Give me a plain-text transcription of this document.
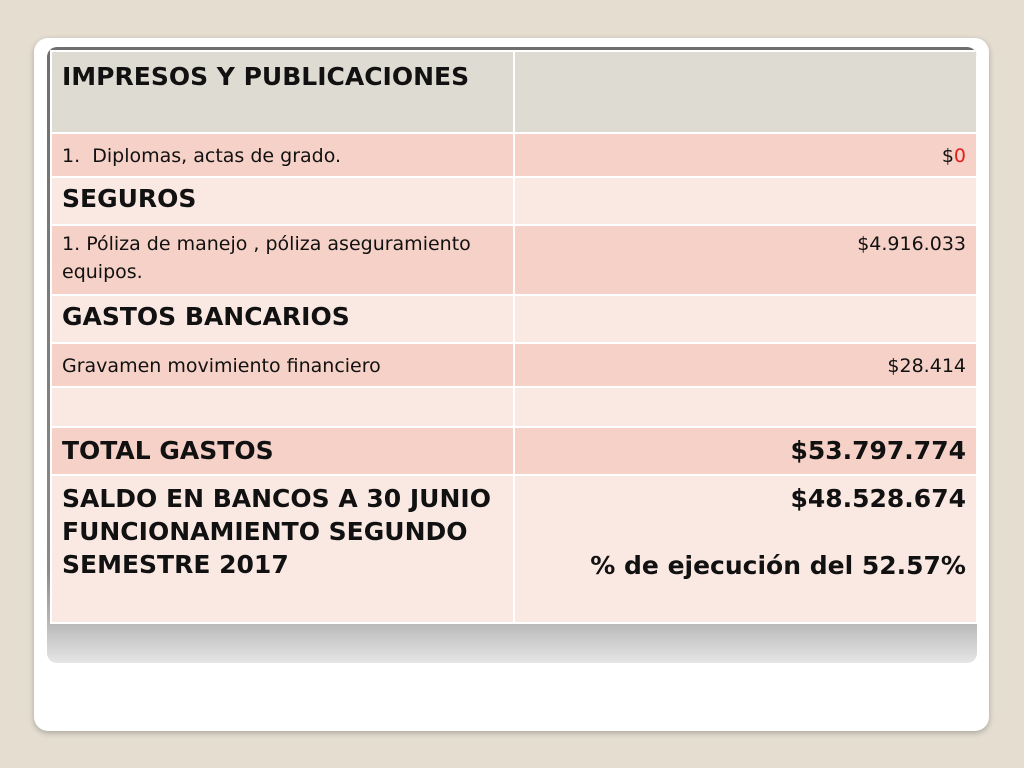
IMPRESOS Y PUBLICACIONES	
1. Diplomas, actas de grado.	$0
SEGUROS	
1. Póliza de manejo , póliza aseguramiento equipos.	$4.916.033
GASTOS BANCARIOS	
Gravamen movimiento financiero	$28.414

TOTAL GASTOS	$53.797.774
SALDO EN BANCOS A 30 JUNIO FUNCIONAMIENTO SEGUNDO SEMESTRE 2017	$48.528.674
% de ejecución del 52.57%
